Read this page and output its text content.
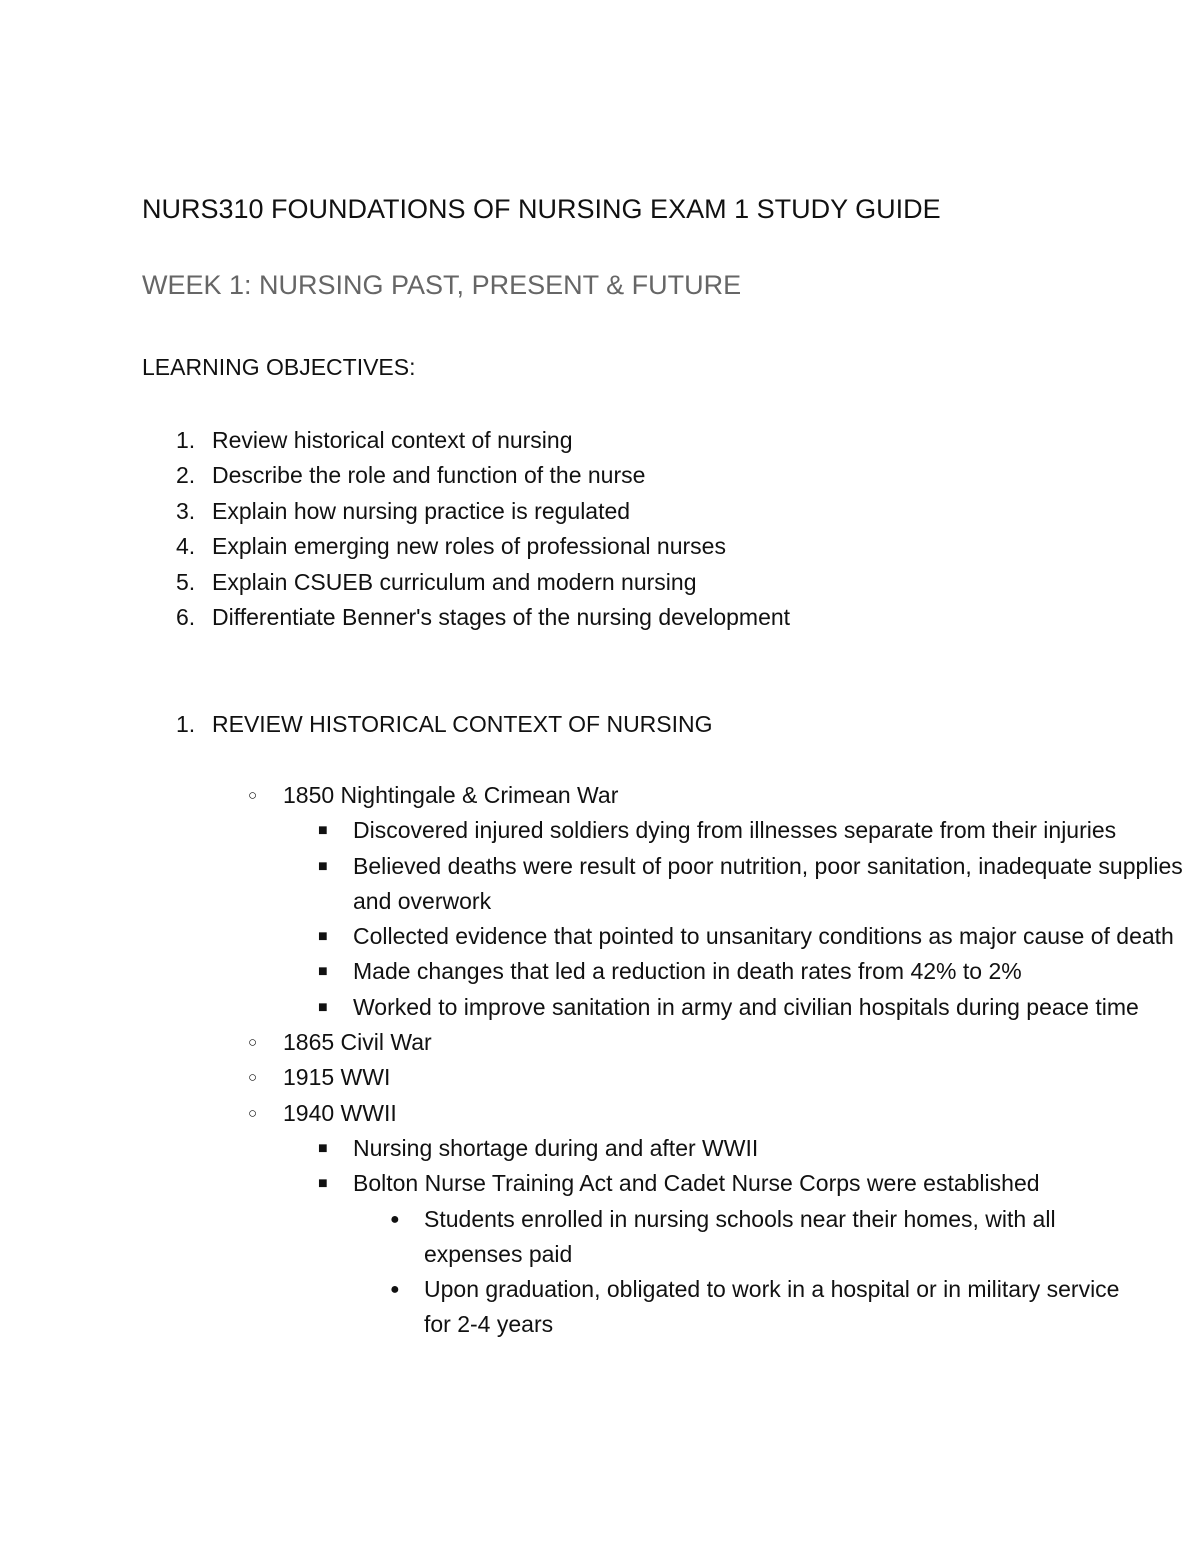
NURS310 FOUNDATIONS OF NURSING EXAM 1 STUDY GUIDE
WEEK 1: NURSING PAST, PRESENT & FUTURE
LEARNING OBJECTIVES:
1. Review historical context of nursing
2. Describe the role and function of the nurse
3. Explain how nursing practice is regulated
4. Explain emerging new roles of professional nurses
5. Explain CSUEB curriculum and modern nursing
6. Differentiate Benner's stages of the nursing development
1. REVIEW HISTORICAL CONTEXT OF NURSING
○ 1850 Nightingale & Crimean War
■ Discovered injured soldiers dying from illnesses separate from their injuries
■ Believed deaths were result of poor nutrition, poor sanitation, inadequate supplies and overwork
■ Collected evidence that pointed to unsanitary conditions as major cause of death
■ Made changes that led a reduction in death rates from 42% to 2%
■ Worked to improve sanitation in army and civilian hospitals during peace time
○ 1865 Civil War
○ 1915 WWI
○ 1940 WWII
■ Nursing shortage during and after WWII
■ Bolton Nurse Training Act and Cadet Nurse Corps were established
● Students enrolled in nursing schools near their homes, with all expenses paid
● Upon graduation, obligated to work in a hospital or in military service for 2-4 years
